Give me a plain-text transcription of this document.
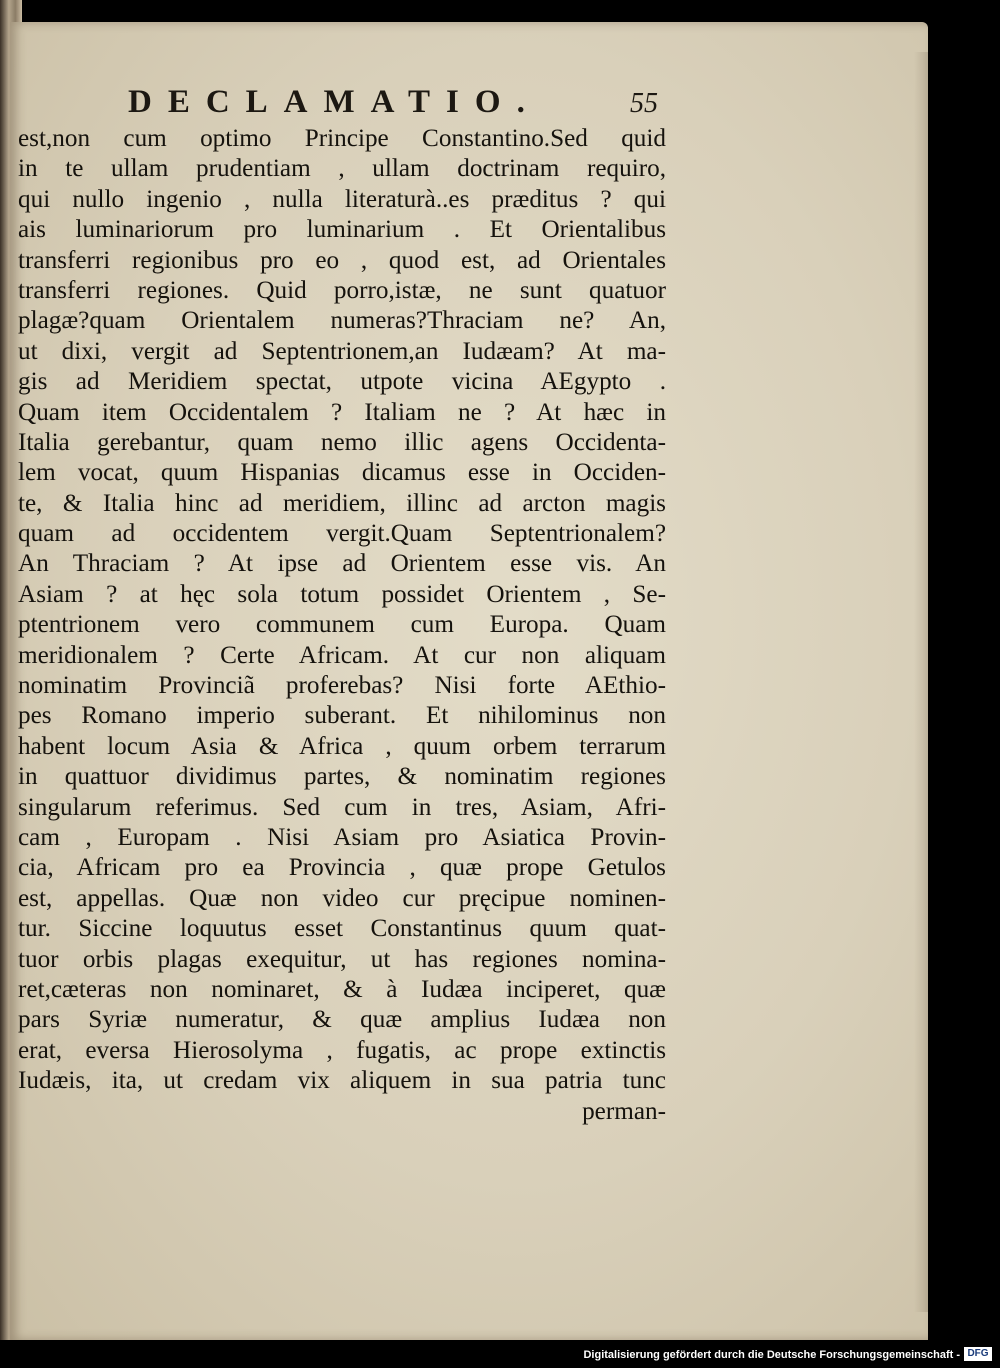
DECLAMATIO.	55
est,non cum optimo Principe Constantino.Sed quid
in te ullam prudentiam , ullam doctrinam requiro,
qui nullo ingenio , nulla literaturà..es præditus ? qui
ais luminariorum pro luminarium . Et Orientalibus
transferri regionibus pro eo , quod est, ad Orientales
transferri regiones. Quid porro,istæ, ne sunt quatuor
plagæ?quam Orientalem numeras?Thraciam ne? An,
ut dixi, vergit ad Septentrionem,an Iudæam? At ma-
gis ad Meridiem spectat, utpote vicina AEgypto .
Quam item Occidentalem ? Italiam ne ? At hæc in
Italia gerebantur, quam nemo illic agens Occidenta-
lem vocat, quum Hispanias dicamus esse in Occiden-
te, & Italia hinc ad meridiem, illinc ad arcton magis
quam ad occidentem vergit.Quam Septentrionalem?
An Thraciam ? At ipse ad Orientem esse vis. An
Asiam ? at hęc sola totum possidet Orientem , Se-
ptentrionem vero communem cum Europa. Quam
meridionalem ? Certe Africam. At cur non aliquam
nominatim Provinciã proferebas? Nisi forte AEthio-
pes Romano imperio suberant. Et nihilominus non
habent locum Asia & Africa , quum orbem terrarum
in quattuor dividimus partes, & nominatim regiones
singularum referimus. Sed cum in tres, Asiam, Afri-
cam , Europam . Nisi Asiam pro Asiatica Provin-
cia, Africam pro ea Provincia , quæ prope Getulos
est, appellas. Quæ non video cur pręcipue nominen-
tur. Siccine loquutus esset Constantinus quum quat-
tuor orbis plagas exequitur, ut has regiones nomina-
ret,cæteras non nominaret, & à Iudæa inciperet, quæ
pars Syriæ numeratur, & quæ amplius Iudæa non
erat, eversa Hierosolyma , fugatis, ac prope extinctis
Iudæis, ita, ut credam vix aliquem in sua patria tunc
perman-
Digitalisierung gefördert durch die Deutsche Forschungsgemeinschaft - DFG
